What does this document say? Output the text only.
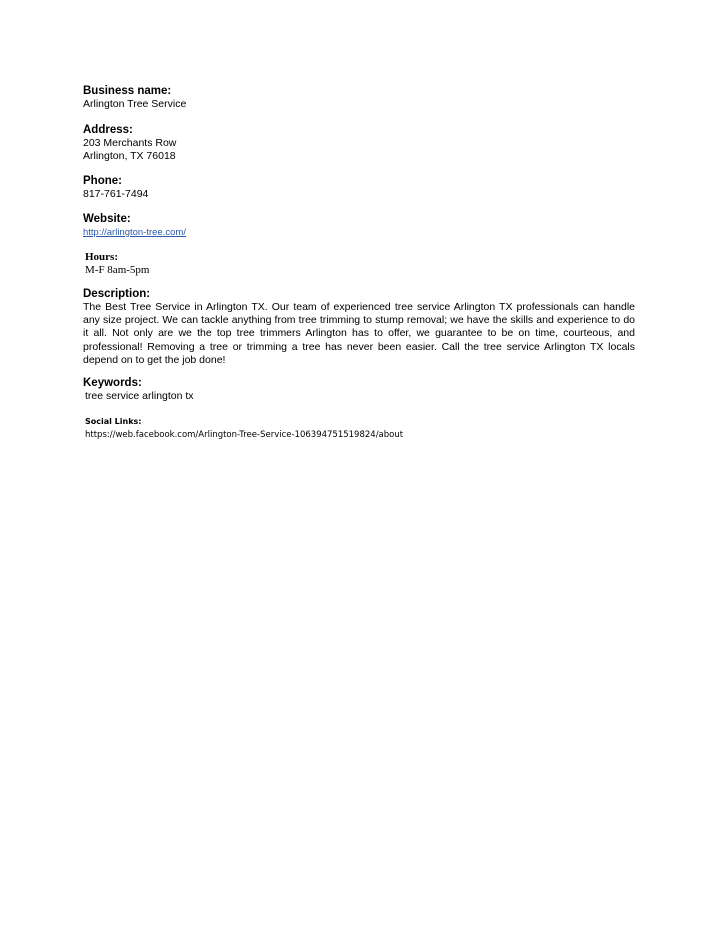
Business name:
Arlington Tree Service
Address:
203 Merchants Row
Arlington, TX 76018
Phone:
817-761-7494
Website:
http://arlington-tree.com/
Hours:
M-F 8am-5pm
Description:
The Best Tree Service in Arlington TX. Our team of experienced tree service Arlington TX professionals can handle any size project. We can tackle anything from tree trimming to stump removal; we have the skills and experience to do it all. Not only are we the top tree trimmers Arlington has to offer, we guarantee to be on time, courteous, and professional! Removing a tree or trimming a tree has never been easier. Call the tree service Arlington TX locals depend on to get the job done!
Keywords:
tree service arlington tx
Social Links:
https://web.facebook.com/Arlington-Tree-Service-106394751519824/about
